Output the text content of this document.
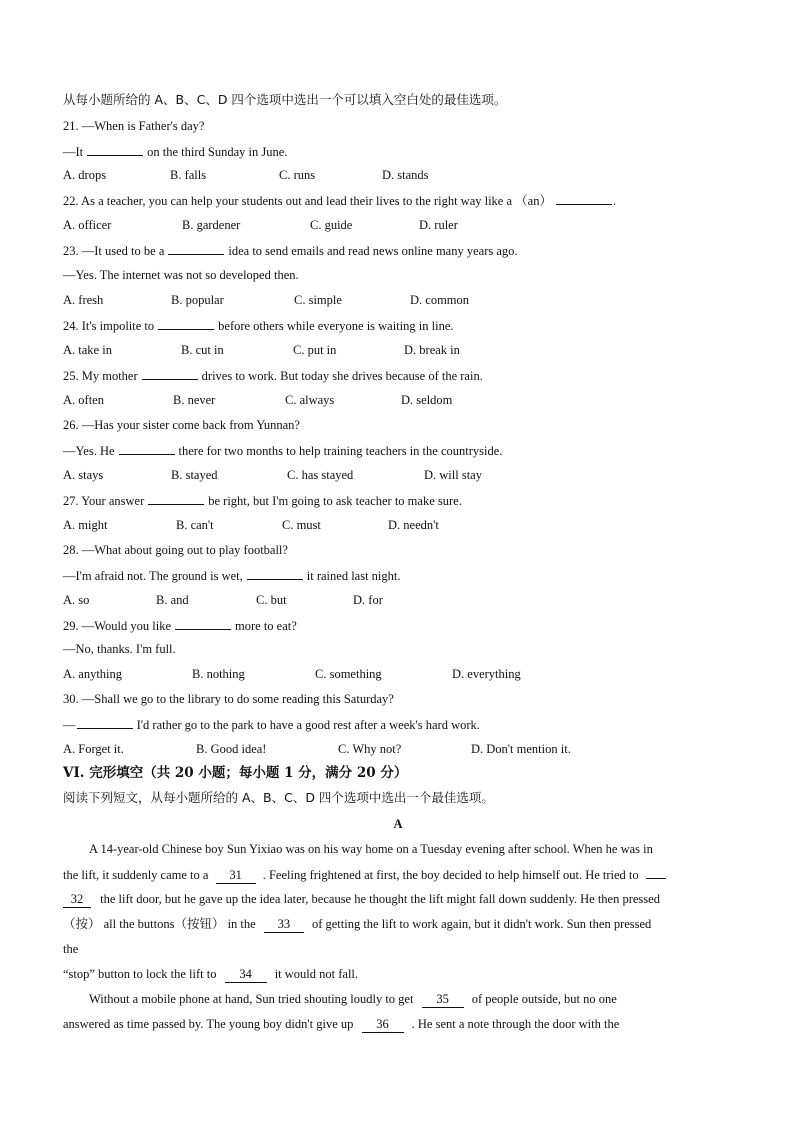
从每小题所给的 A、B、C、D 四个选项中选出一个可以填入空白处的最佳选项。
21. —When is Father's day?
—It	on the third Sunday in June.
A. drops	B. falls	C. runs	D. stands
22. As a teacher, you can help your students out and lead their lives to the right way like a （an）	.
A. officer	B. gardener	C. guide	D. ruler
23. —It used to be a	idea to send emails and read news online many years ago.
—Yes. The internet was not so developed then.
A. fresh	B. popular	C. simple	D. common
24. It's impolite to	before others while everyone is waiting in line.
A. take in	B. cut in	C. put in	D. break in
25. My mother	drives to work. But today she drives because of the rain.
A. often	B. never	C. always	D. seldom
26. —Has your sister come back from Yunnan?
—Yes. He	there for two months to help training teachers in the countryside.
A. stays	B. stayed	C. has stayed	D. will stay
27. Your answer	be right, but I'm going to ask teacher to make sure.
A. might	B. can't	C. must	D. needn't
28. —What about going out to play football?
—I'm afraid not. The ground is wet,	it rained last night.
A. so	B. and	C. but	D. for
29. —Would you like	more to eat?
—No, thanks. I'm full.
A. anything	B. nothing	C. something	D. everything
30. —Shall we go to the library to do some reading this Saturday?
—	I'd rather go to the park to have a good rest after a week's hard work.
A. Forget it.	B. Good idea!	C. Why not?	D. Don't mention it.
VI. 完形填空（共 20 小题；每小题 1 分，满分 20 分）
阅读下列短文，从每小题所给的 A、B、C、D 四个选项中选出一个最佳选项。
A
A 14-year-old Chinese boy Sun Yixiao was on his way home on a Tuesday evening after school. When he was in
the lift, it suddenly came to a 31 . Feeling frightened at first, the boy decided to help himself out. He tried to
32 the lift door, but he gave up the idea later, because he thought the lift might fall down suddenly. He then pressed
（按） all the buttons（按钮） in the 33 of getting the lift to work again, but it didn't work. Sun then pressed
the
“stop” button to lock the lift to 34 it would not fall.
Without a mobile phone at hand, Sun tried shouting loudly to get 35 of people outside, but no one
answered as time passed by. The young boy didn't give up 36 . He sent a note through the door with the
